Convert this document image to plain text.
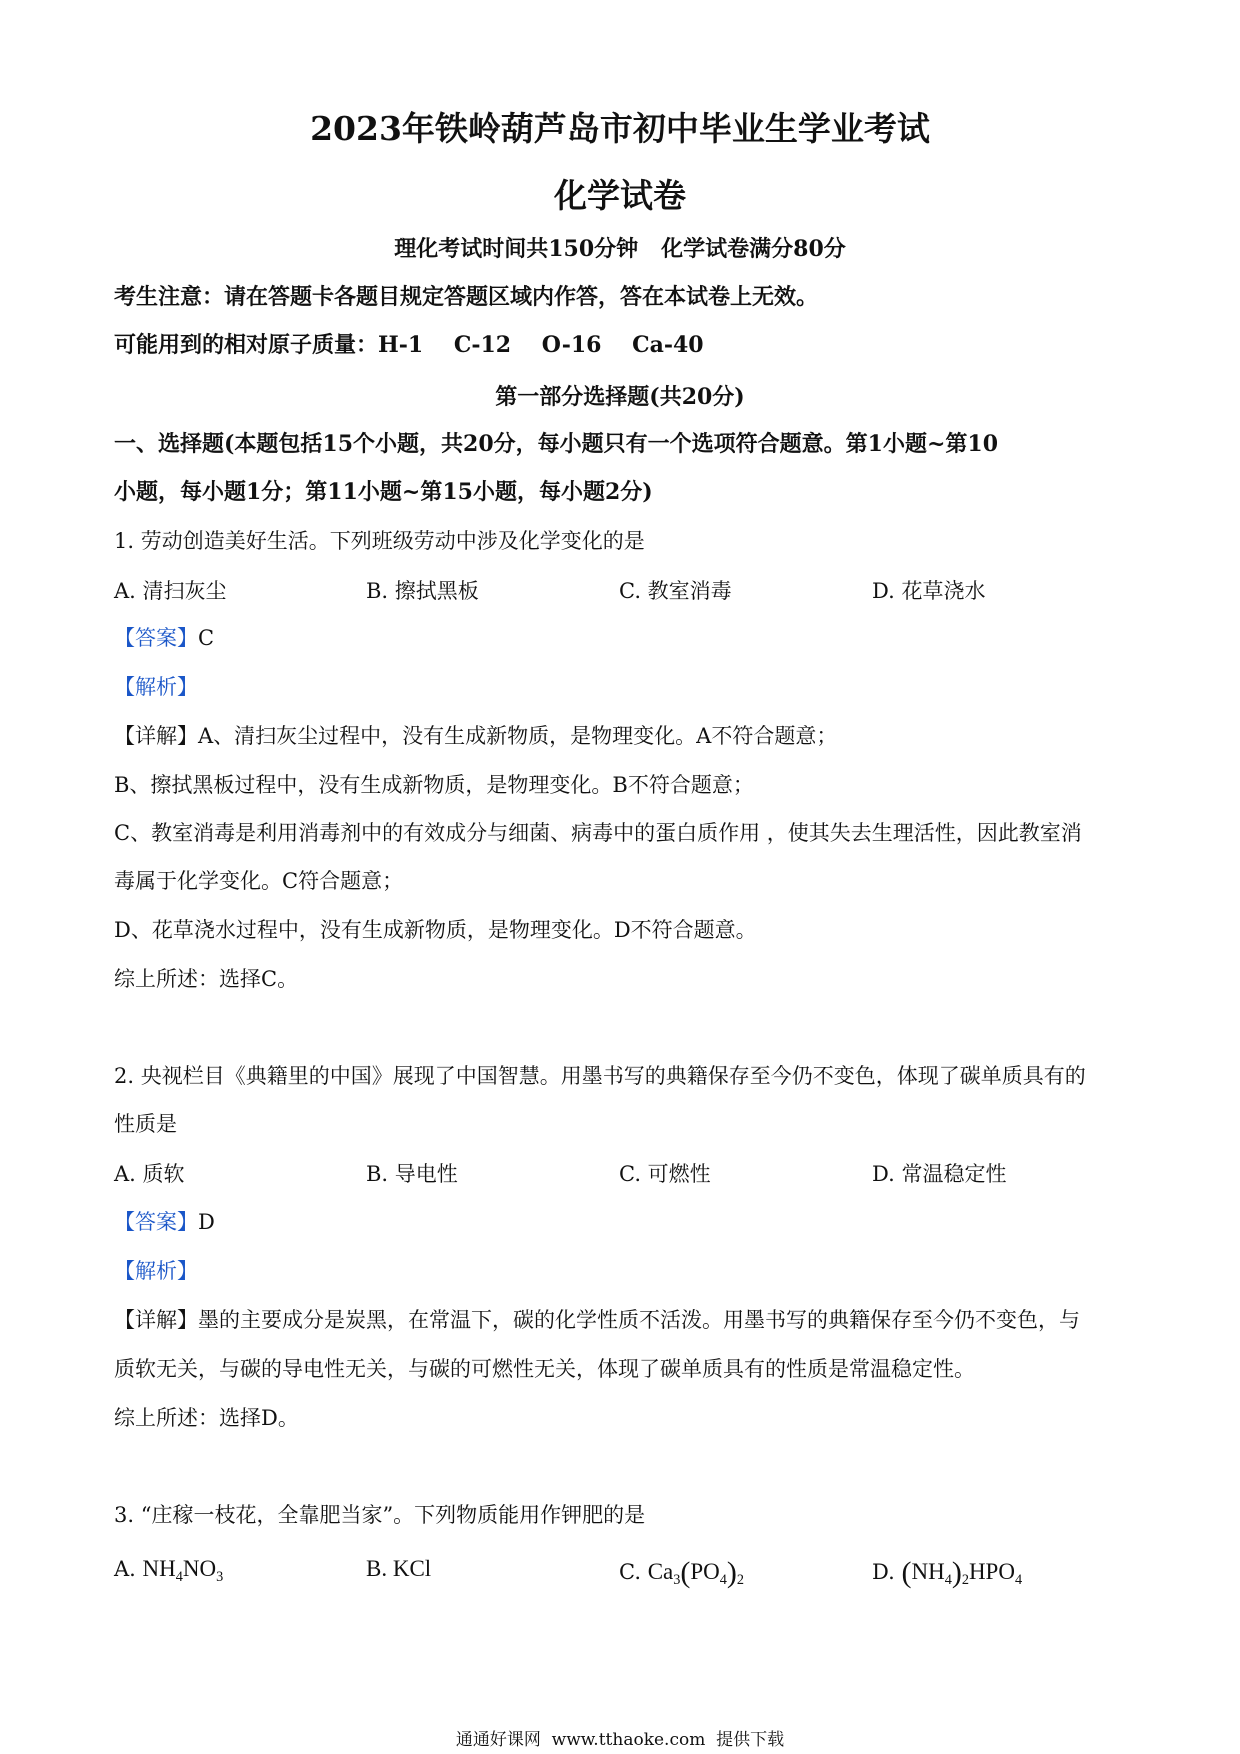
2023年铁岭葫芦岛市初中毕业生学业考试
化学试卷
理化考试时间共150分钟   化学试卷满分80分
考生注意：请在答题卡各题目规定答题区域内作答，答在本试卷上无效。
可能用到的相对原子质量：H-1    C-12    O-16    Ca-40
第一部分选择题(共20分)
一、选择题(本题包括15个小题，共20分，每小题只有一个选项符合题意。第1小题~第10
小题，每小题1分；第11小题~第15小题，每小题2分)
1. 劳动创造美好生活。下列班级劳动中涉及化学变化的是
A. 清扫灰尘	B. 擦拭黑板	C. 教室消毒	D. 花草浇水
【答案】C
【解析】
【详解】A、清扫灰尘过程中，没有生成新物质，是物理变化。A不符合题意；
B、擦拭黑板过程中，没有生成新物质，是物理变化。B不符合题意；
C、教室消毒是利用消毒剂中的有效成分与细菌、病毒中的蛋白质作用 ，使其失去生理活性，因此教室消
毒属于化学变化。C符合题意；
D、花草浇水过程中，没有生成新物质，是物理变化。D不符合题意。
综上所述：选择C。
2. 央视栏目《典籍里的中国》展现了中国智慧。用墨书写的典籍保存至今仍不变色，体现了碳单质具有的
性质是
A. 质软	B. 导电性	C. 可燃性	D. 常温稳定性
【答案】D
【解析】
【详解】墨的主要成分是炭黑，在常温下，碳的化学性质不活泼。用墨书写的典籍保存至今仍不变色，与
质软无关，与碳的导电性无关，与碳的可燃性无关，体现了碳单质具有的性质是常温稳定性。
综上所述：选择D。
3. “庄稼一枝花，全靠肥当家”。下列物质能用作钾肥的是
A. $NH_4NO_3$	B. KCl	C. $Ca_3(PO_4)_2$	D. $(NH_4)_2HPO_4$
通通好课网  www.tthaoke.com  提供下载
